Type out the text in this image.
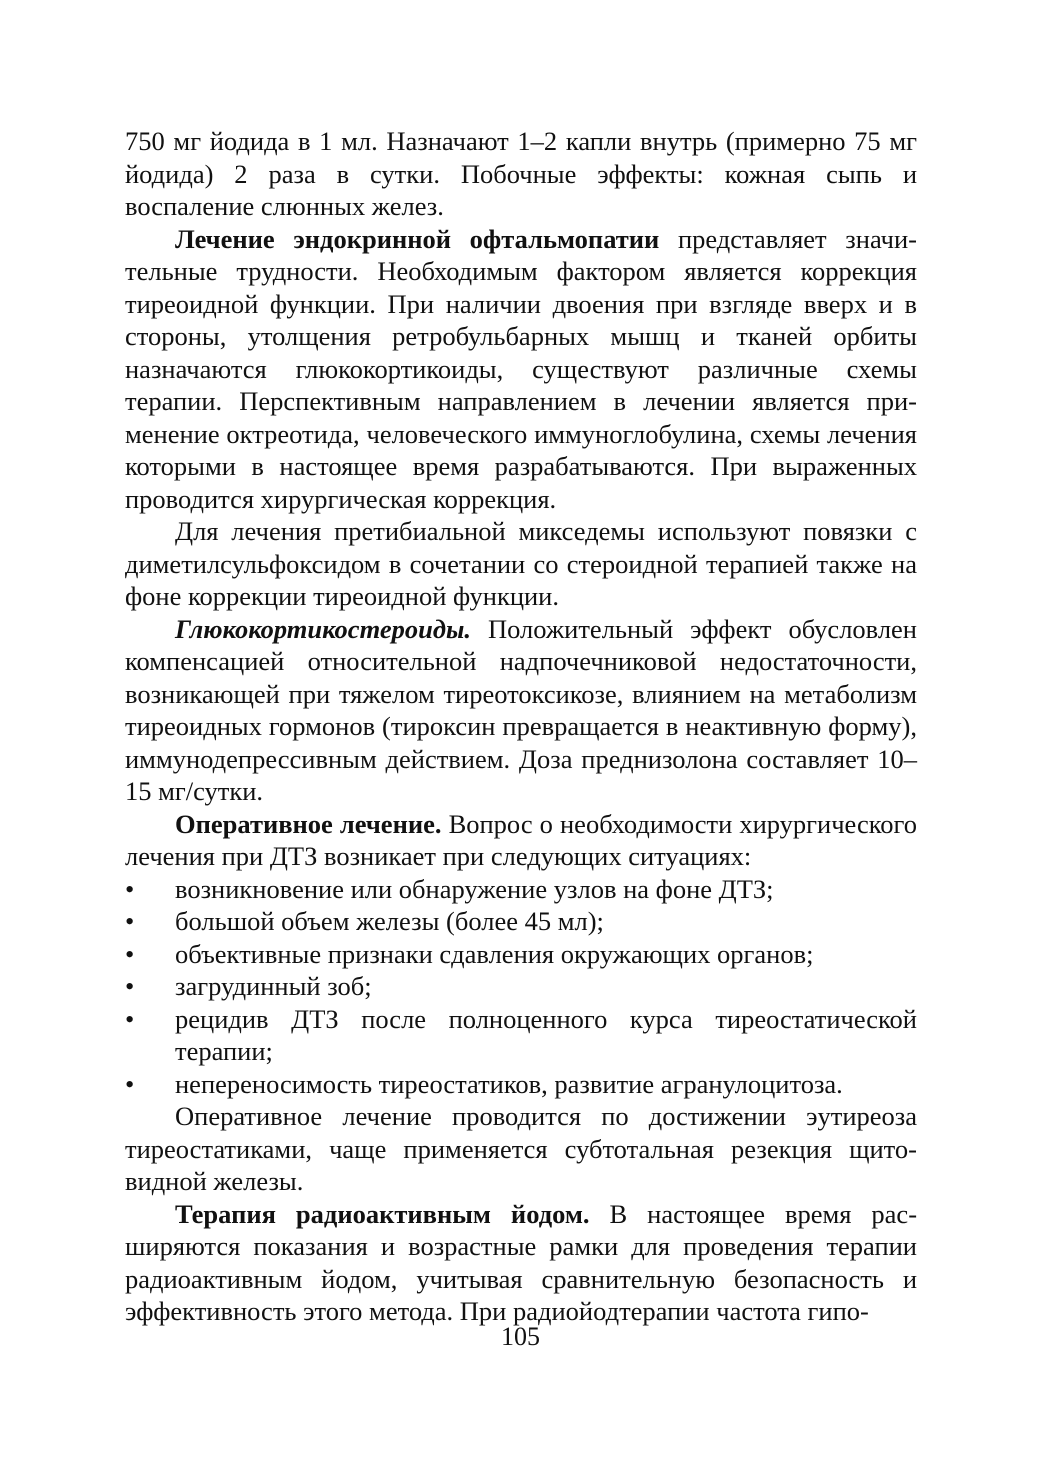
750 мг йодида в 1 мл. Назначают 1–2 капли внутрь (примерно 75 мг йодида) 2 раза в сутки. Побочные эффекты: кожная сыпь и воспаление слюнных желез.

Лечение эндокринной офтальмопатии представляет значительные трудности. Необходимым фактором является коррекция тиреоидной функции. При наличии двоения при взгляде вверх и в стороны, утолщения ретробульбарных мышц и тканей орбиты назначаются глюкокортикоиды, существуют различные схемы терапии. Перспективным направлением в лечении является применение октреотида, человеческого иммуноглобулина, схемы лечения которыми в настоящее время разрабатываются. При выраженных проводится хирургическая коррекция.

Для лечения претибиальной микседемы используют повязки с диметилсульфоксидом в сочетании со стероидной терапией также на фоне коррекции тиреоидной функции.

Глюкокортикостероиды. Положительный эффект обусловлен компенсацией относительной надпочечниковой недостаточности, возникающей при тяжелом тиреотоксикозе, влиянием на метаболизм тиреоидных гормонов (тироксин превращается в неактивную форму), иммунодепрессивным действием. Доза преднизолона составляет 10–15 мг/сутки.

Оперативное лечение. Вопрос о необходимости хирургического лечения при ДТЗ возникает при следующих ситуациях:

• возникновение или обнаружение узлов на фоне ДТЗ;
• большой объем железы (более 45 мл);
• объективные признаки сдавления окружающих органов;
• загрудинный зоб;
• рецидив ДТЗ после полноценного курса тиреостатической терапии;
• непереносимость тиреостатиков, развитие агранулоцитоза.

Оперативное лечение проводится по достижении эутиреоза тиреостатиками, чаще применяется субтотальная резекция щитовидной железы.

Терапия радиоактивным йодом. В настоящее время расширяются показания и возрастные рамки для проведения терапии радиоактивным йодом, учитывая сравнительную безопасность и эффективность этого метода. При радиойодтерапии частота гипо-

105
